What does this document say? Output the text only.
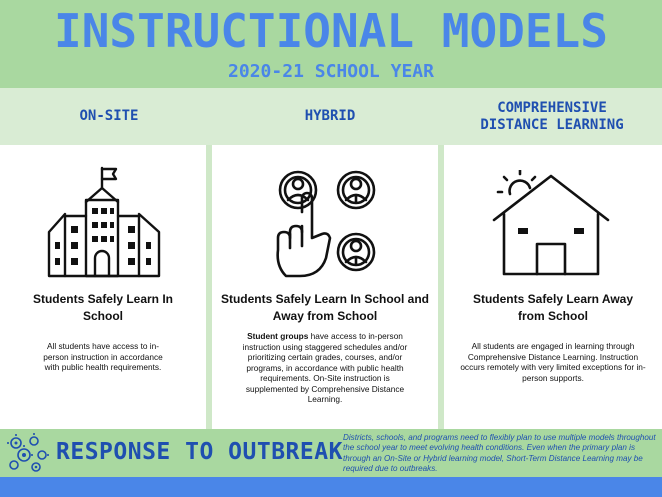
INSTRUCTIONAL MODELS
2020-21 SCHOOL YEAR
ON-SITE	HYBRID
COMPREHENSIVE
DISTANCE LEARNING
Students Safely Learn In School
All students have access to in-person instruction in accordance with public health requirements.
Students Safely Learn In School and Away from School
Student groups have access to in-person instruction using staggered schedules and/or prioritizing certain grades, courses, and/or programs, in accordance with public health requirements. On-Site instruction is supplemented by Comprehensive Distance Learning.
Students Safely Learn Away from School
All students are engaged in learning through Comprehensive Distance Learning. Instruction occurs remotely with very limited exceptions for in-person supports.
RESPONSE TO OUTBREAK
Districts, schools, and programs need to flexibly plan to use multiple models throughout the school year to meet evolving health conditions. Even when the primary plan is through an On-Site or Hybrid learning model, Short-Term Distance Learning may be required due to outbreaks.
